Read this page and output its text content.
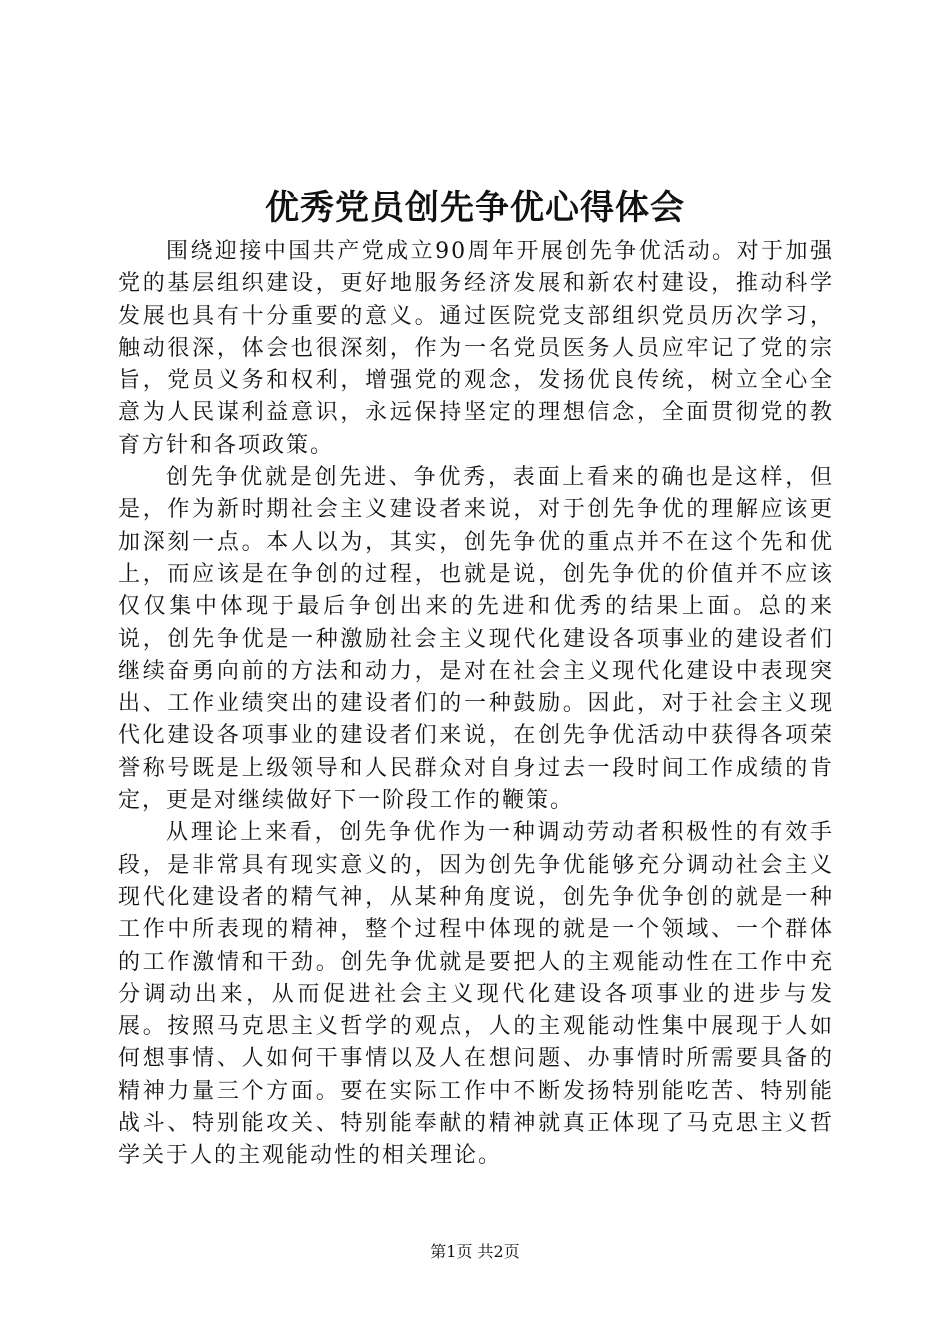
优秀党员创先争优心得体会

围绕迎接中国共产党成立90周年开展创先争优活动。对于加强党的基层组织建设，更好地服务经济发展和新农村建设，推动科学发展也具有十分重要的意义。通过医院党支部组织党员历次学习，触动很深，体会也很深刻，作为一名党员医务人员应牢记了党的宗旨，党员义务和权利，增强党的观念，发扬优良传统，树立全心全意为人民谋利益意识，永远保持坚定的理想信念，全面贯彻党的教育方针和各项政策。

创先争优就是创先进、争优秀，表面上看来的确也是这样，但是，作为新时期社会主义建设者来说，对于创先争优的理解应该更加深刻一点。本人以为，其实，创先争优的重点并不在这个先和优上，而应该是在争创的过程，也就是说，创先争优的价值并不应该仅仅集中体现于最后争创出来的先进和优秀的结果上面。总的来说，创先争优是一种激励社会主义现代化建设各项事业的建设者们继续奋勇向前的方法和动力，是对在社会主义现代化建设中表现突出、工作业绩突出的建设者们的一种鼓励。因此，对于社会主义现代化建设各项事业的建设者们来说，在创先争优活动中获得各项荣誉称号既是上级领导和人民群众对自身过去一段时间工作成绩的肯定，更是对继续做好下一阶段工作的鞭策。

从理论上来看，创先争优作为一种调动劳动者积极性的有效手段，是非常具有现实意义的，因为创先争优能够充分调动社会主义现代化建设者的精气神，从某种角度说，创先争优争创的就是一种工作中所表现的精神，整个过程中体现的就是一个领域、一个群体的工作激情和干劲。创先争优就是要把人的主观能动性在工作中充分调动出来，从而促进社会主义现代化建设各项事业的进步与发展。按照马克思主义哲学的观点，人的主观能动性集中展现于人如何想事情、人如何干事情以及人在想问题、办事情时所需要具备的精神力量三个方面。要在实际工作中不断发扬特别能吃苦、特别能战斗、特别能攻关、特别能奉献的精神就真正体现了马克思主义哲学关于人的主观能动性的相关理论。

第1页 共2页
